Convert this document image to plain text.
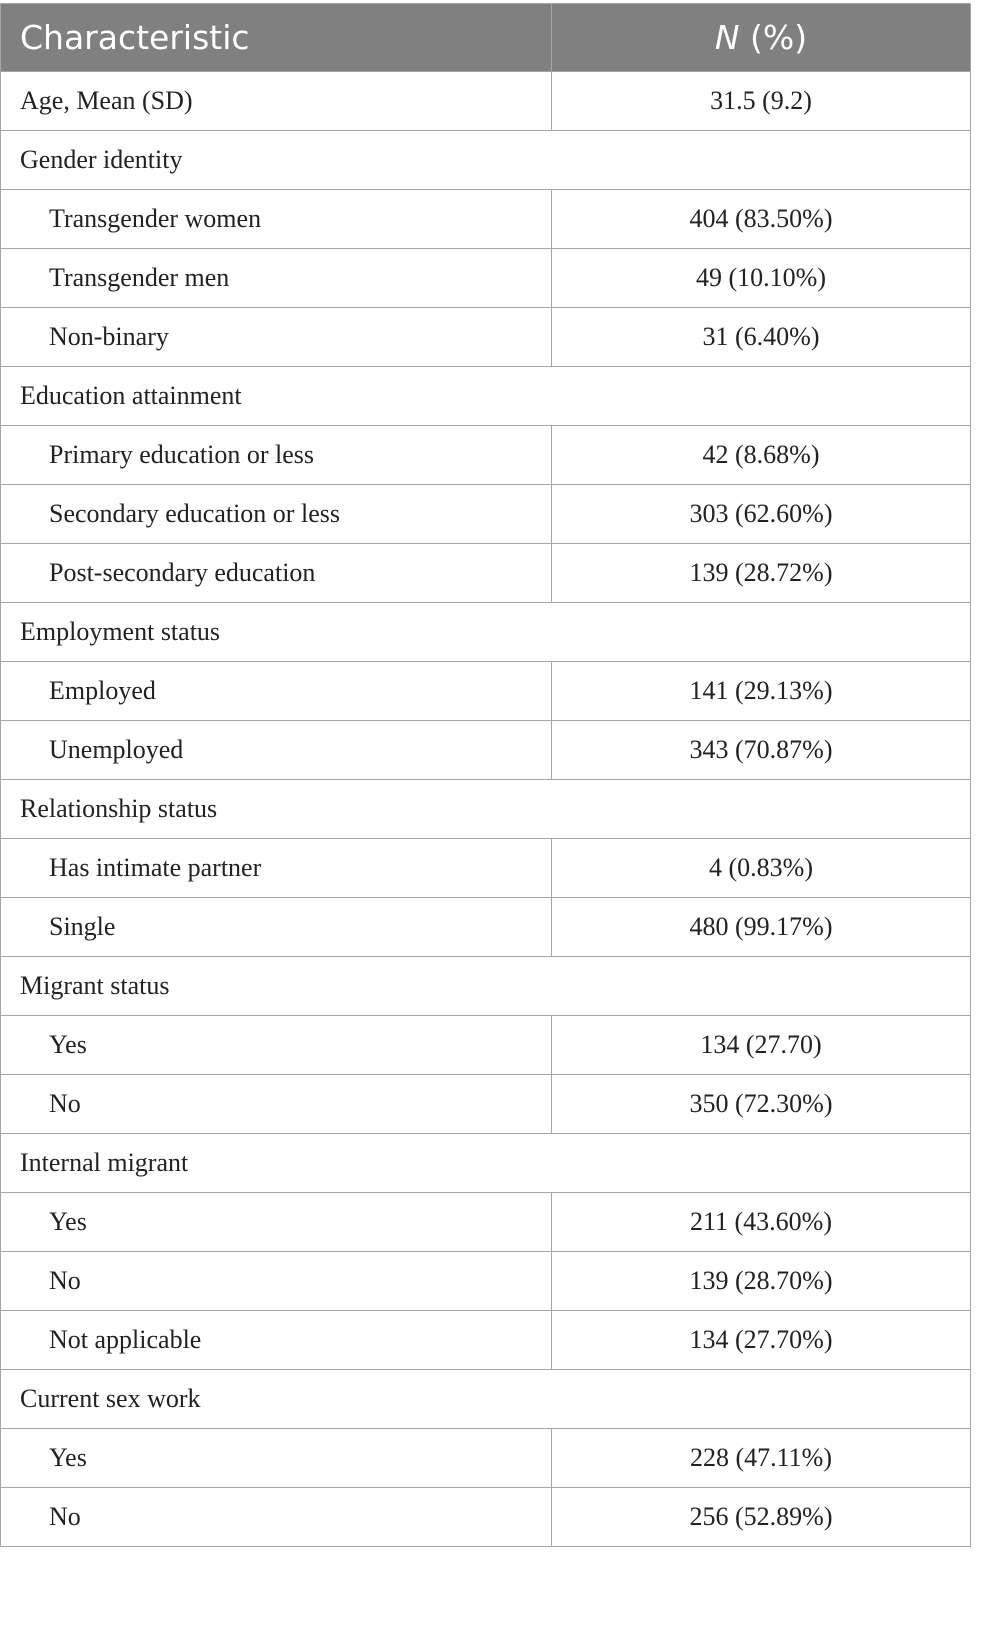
Characteristic	N (%)
Age, Mean (SD)	31.5 (9.2)
Gender identity	
Transgender women	404 (83.50%)
Transgender men	49 (10.10%)
Non-binary	31 (6.40%)
Education attainment	
Primary education or less	42 (8.68%)
Secondary education or less	303 (62.60%)
Post-secondary education	139 (28.72%)
Employment status	
Employed	141 (29.13%)
Unemployed	343 (70.87%)
Relationship status	
Has intimate partner	4 (0.83%)
Single	480 (99.17%)
Migrant status	
Yes	134 (27.70)
No	350 (72.30%)
Internal migrant	
Yes	211 (43.60%)
No	139 (28.70%)
Not applicable	134 (27.70%)
Current sex work	
Yes	228 (47.11%)
No	256 (52.89%)
